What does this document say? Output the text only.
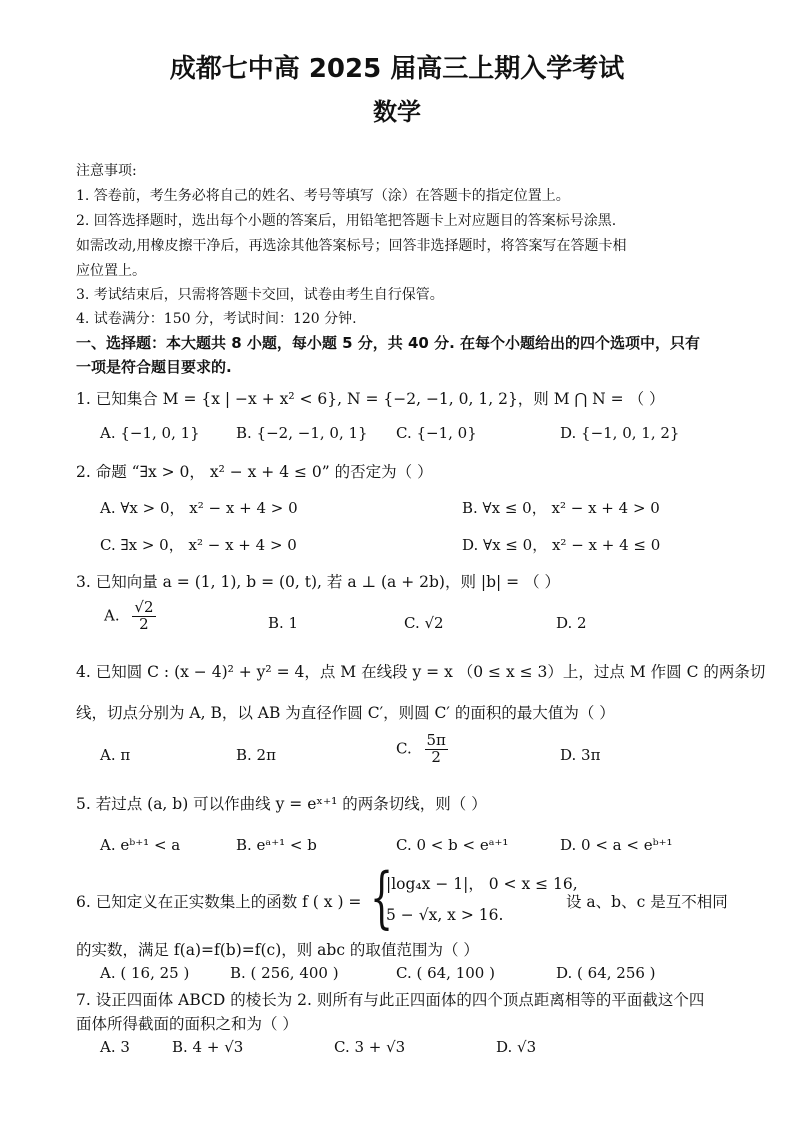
成都七中高 2025 届高三上期入学考试
数学
注意事项:
1. 答卷前，考生务必将自己的姓名、考号等填写（涂）在答题卡的指定位置上。
2. 回答选择题时，选出每个小题的答案后，用铅笔把答题卡上对应题目的答案标号涂黑.
如需改动,用橡皮擦干净后，再选涂其他答案标号；回答非选择题时，将答案写在答题卡相
应位置上。
3. 考试结束后，只需将答题卡交回，试卷由考生自行保管。
4. 试卷满分：150 分，考试时间：120 分钟.
一、选择题：本大题共 8 小题，每小题 5 分，共 40 分. 在每个小题给出的四个选项中，只有
一项是符合题目要求的.
1. 已知集合 M = {x | −x + x² < 6}, N = {−2, −1, 0, 1, 2}，则 M ⋂ N = （ ）
A. {−1, 0, 1} B. {−2, −1, 0, 1} C. {−1, 0}	D. {−1, 0, 1, 2}
2. 命题 “∃x > 0， x² − x + 4 ≤ 0” 的否定为（ ）
A. ∀x > 0， x² − x + 4 > 0	B. ∀x ≤ 0， x² − x + 4 > 0
C. ∃x > 0， x² − x + 4 > 0	D. ∀x ≤ 0， x² − x + 4 ≤ 0
3. 已知向量 a = (1, 1), b = (0, t), 若 a ⊥ (a + 2b)，则 |b| = （ ）
A. $\frac{√2}{2}$	B. 1	C. √2	D. 2
4. 已知圆 C : (x − 4)² + y² = 4，点 M 在线段 y = x （0 ≤ x ≤ 3）上，过点 M 作圆 C 的两条切
线，切点分别为 A, B，以 AB 为直径作圆 C′，则圆 C′ 的面积的最大值为（ ）
A. π	B. 2π	C. $\frac{5\pi}{2}$	D. 3π
5. 若过点 (a, b) 可以作曲线 y = eˣ⁺¹ 的两条切线，则（ ）
A. eᵇ⁺¹ < a	B. eᵃ⁺¹ < b	C. 0 < b < eᵃ⁺¹	D. 0 < a < eᵇ⁺¹
6. 已知定义在正实数集上的函数 f ( x ) = {
|log₄x − 1|， 0 < x ≤ 16,
5 − √x, x > 16.
设 a、b、c 是互不相同
的实数，满足 f(a)=f(b)=f(c)，则 abc 的取值范围为（ ）
A. ( 16, 25 )	B. ( 256, 400 )	C. ( 64, 100 )	D. ( 64, 256 )
7. 设正四面体 ABCD 的棱长为 2. 则所有与此正四面体的四个顶点距离相等的平面截这个四
面体所得截面的面积之和为（ ）
A. 3	B. 4 + √3	C. 3 + √3	D. √3
